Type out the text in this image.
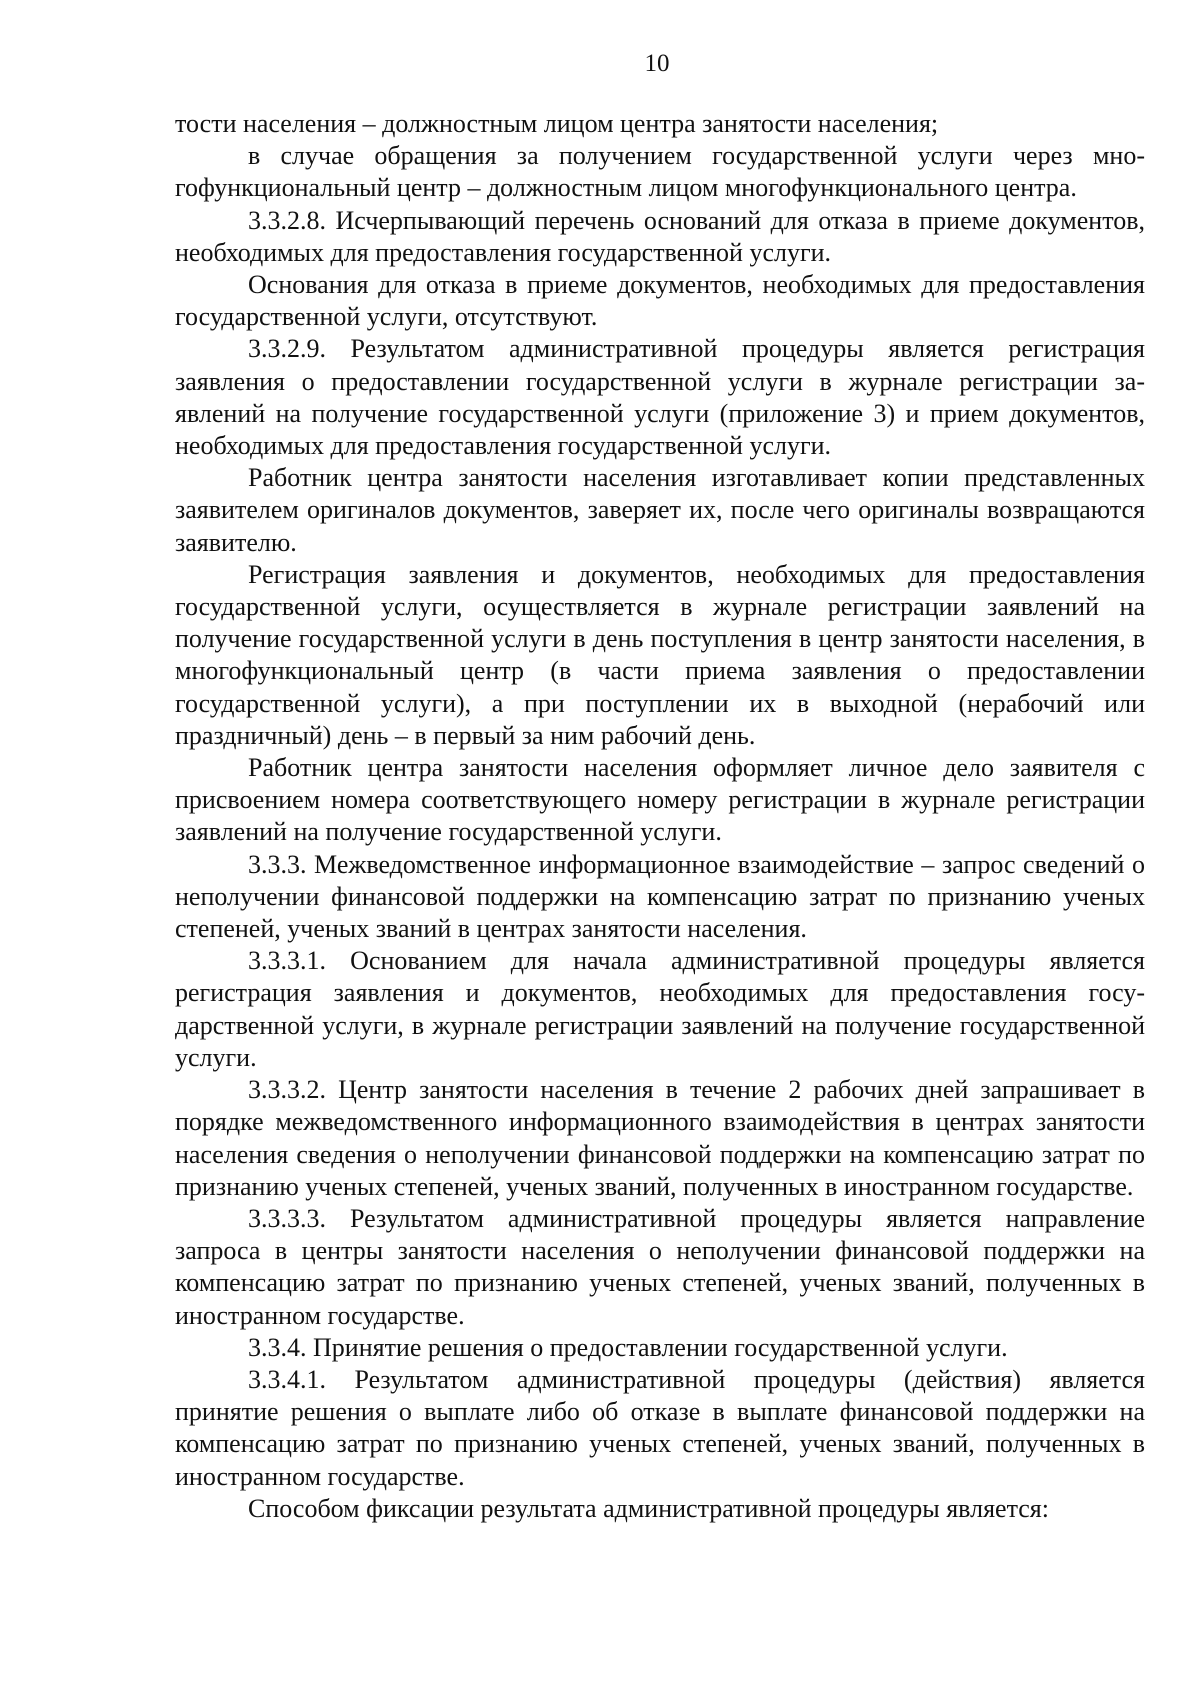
10

тости населения – должностным лицом центра занятости населения;

в случае обращения за получением государственной услуги через многофункциональный центр – должностным лицом многофункционального центра.

3.3.2.8. Исчерпывающий перечень оснований для отказа в приеме документов, необходимых для предоставления государственной услуги.

Основания для отказа в приеме документов, необходимых для предоставления государственной услуги, отсутствуют.

3.3.2.9. Результатом административной процедуры является регистрация заявления о предоставлении государственной услуги в журнале регистрации заявлений на получение государственной услуги (приложение 3) и прием документов, необходимых для предоставления государственной услуги.

Работник центра занятости населения изготавливает копии представленных заявителем оригиналов документов, заверяет их, после чего оригиналы возвращаются заявителю.

Регистрация заявления и документов, необходимых для предоставления государственной услуги, осуществляется в журнале регистрации заявлений на получение государственной услуги в день поступления в центр занятости населения, в многофункциональный центр (в части приема заявления о предоставлении государственной услуги), а при поступлении их в выходной (нерабочий или праздничный) день – в первый за ним рабочий день.

Работник центра занятости населения оформляет личное дело заявителя с присвоением номера соответствующего номеру регистрации в журнале регистрации заявлений на получение государственной услуги.

3.3.3. Межведомственное информационное взаимодействие – запрос сведений о неполучении финансовой поддержки на компенсацию затрат по признанию ученых степеней, ученых званий в центрах занятости населения.

3.3.3.1. Основанием для начала административной процедуры является регистрация заявления и документов, необходимых для предоставления государственной услуги, в журнале регистрации заявлений на получение государственной услуги.

3.3.3.2. Центр занятости населения в течение 2 рабочих дней запрашивает в порядке межведомственного информационного взаимодействия в центрах занятости населения сведения о неполучении финансовой поддержки на компенсацию затрат по признанию ученых степеней, ученых званий, полученных в иностранном государстве.

3.3.3.3. Результатом административной процедуры является направление запроса в центры занятости населения о неполучении финансовой поддержки на компенсацию затрат по признанию ученых степеней, ученых званий, полученных в иностранном государстве.

3.3.4. Принятие решения о предоставлении государственной услуги.

3.3.4.1. Результатом административной процедуры (действия) является принятие решения о выплате либо об отказе в выплате финансовой поддержки на компенсацию затрат по признанию ученых степеней, ученых званий, полученных в иностранном государстве.

Способом фиксации результата административной процедуры является:
